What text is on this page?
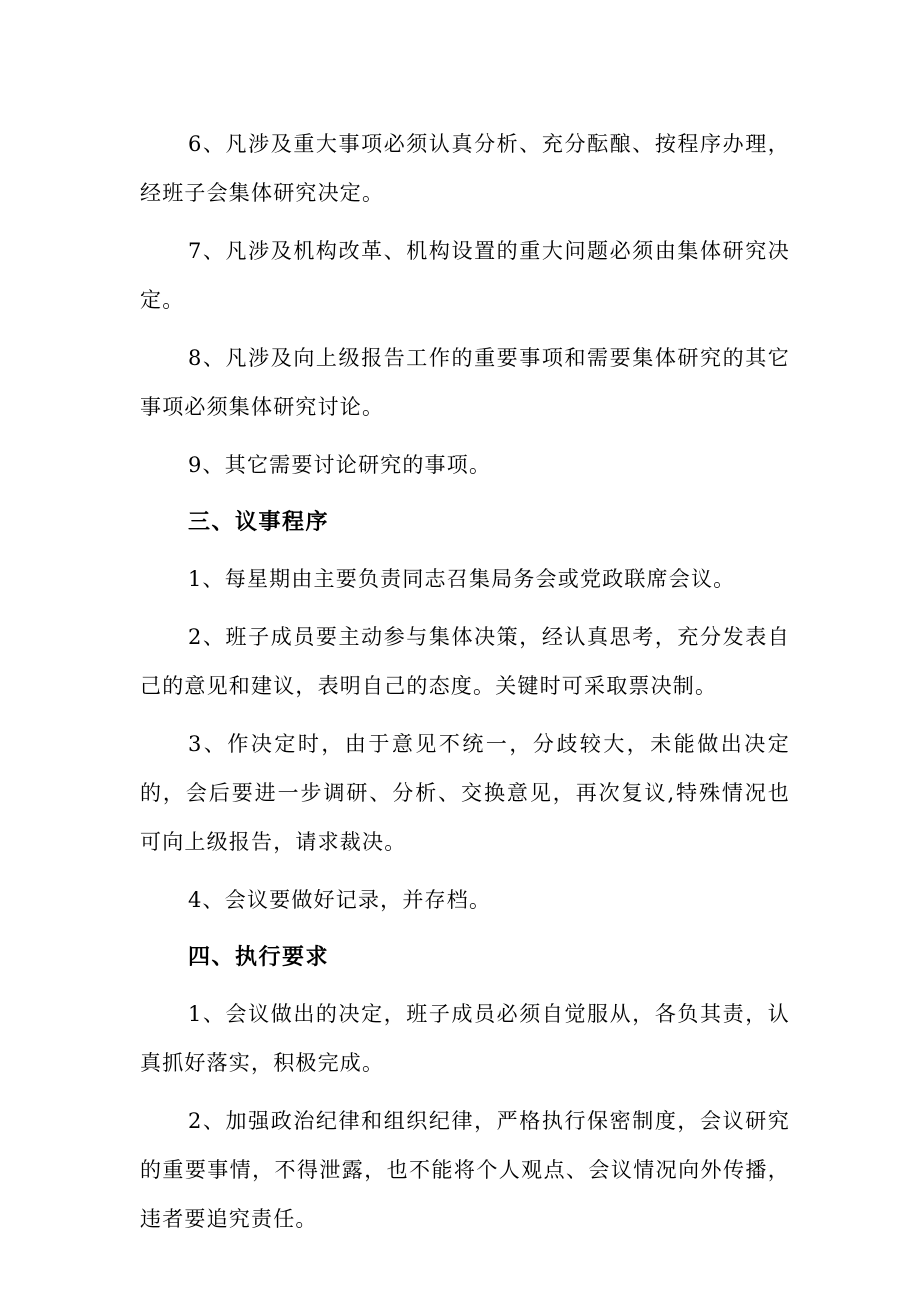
6、凡涉及重大事项必须认真分析、充分酝酿、按程序办理，经班子会集体研究决定。

7、凡涉及机构改革、机构设置的重大问题必须由集体研究决定。

8、凡涉及向上级报告工作的重要事项和需要集体研究的其它事项必须集体研究讨论。

9、其它需要讨论研究的事项。

三、议事程序

1、每星期由主要负责同志召集局务会或党政联席会议。

2、班子成员要主动参与集体决策，经认真思考，充分发表自己的意见和建议，表明自己的态度。关键时可采取票决制。

3、作决定时，由于意见不统一，分歧较大，未能做出决定的，会后要进一步调研、分析、交换意见，再次复议,特殊情况也可向上级报告，请求裁决。

4、会议要做好记录，并存档。

四、执行要求

1、会议做出的决定，班子成员必须自觉服从，各负其责，认真抓好落实，积极完成。

2、加强政治纪律和组织纪律，严格执行保密制度，会议研究的重要事情，不得泄露，也不能将个人观点、会议情况向外传播，违者要追究责任。
